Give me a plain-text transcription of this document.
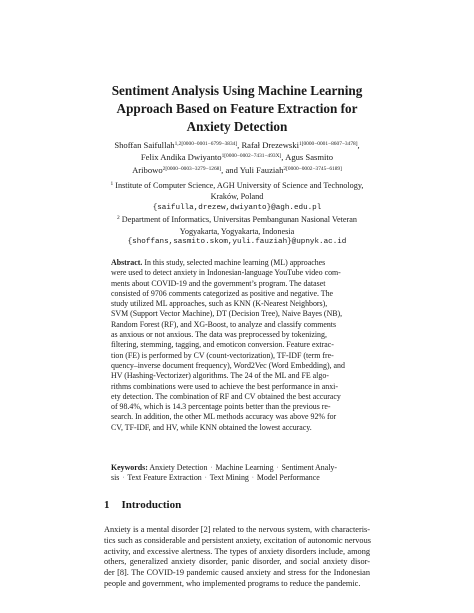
Sentiment Analysis Using Machine Learning
Approach Based on Feature Extraction for
Anxiety Detection
Shoffan Saifullah$^{1,2[0000-0001-6799-3834]}$, Rafał Drezewski$^{1[0000-0001-8607-3478]}$,
Felix Andika Dwiyanto$^{1[0000-0002-7431-493X]}$, Agus Sasmito
Aribowo$^{2[0000-0003-3279-1268]}$, and Yuli Fauziah$^{2[0000-0002-3745-6189]}$
$^1$ Institute of Computer Science, AGH University of Science and Technology,
Kraków, Poland
{saifulla,drezew,dwiyanto}@agh.edu.pl
$^2$ Department of Informatics, Universitas Pembangunan Nasional Veteran
Yogyakarta, Yogyakarta, Indonesia
{shoffans,sasmito.skom,yuli.fauziah}@upnyk.ac.id
Abstract. In this study, selected machine learning (ML) approaches
were used to detect anxiety in Indonesian-language YouTube video com-
ments about COVID-19 and the government’s program. The dataset
consisted of 9706 comments categorized as positive and negative. The
study utilized ML approaches, such as KNN (K-Nearest Neighbors),
SVM (Support Vector Machine), DT (Decision Tree), Naive Bayes (NB),
Random Forest (RF), and XG-Boost, to analyze and classify comments
as anxious or not anxious. The data was preprocessed by tokenizing,
filtering, stemming, tagging, and emoticon conversion. Feature extrac-
tion (FE) is performed by CV (count-vectorization), TF-IDF (term fre-
quency–inverse document frequency), Word2Vec (Word Embedding), and
HV (Hashing-Vectorizer) algorithms. The 24 of the ML and FE algo-
rithms combinations were used to achieve the best performance in anxi-
ety detection. The combination of RF and CV obtained the best accuracy
of 98.4%, which is 14.3 percentage points better than the previous re-
search. In addition, the other ML methods accuracy was above 92% for
CV, TF-IDF, and HV, while KNN obtained the lowest accuracy.
Keywords: Anxiety Detection · Machine Learning · Sentiment Analy-
sis · Text Feature Extraction · Text Mining · Model Performance
1 Introduction
Anxiety is a mental disorder [2] related to the nervous system, with characteris-
tics such as considerable and persistent anxiety, excitation of autonomic nervous
activity, and excessive alertness. The types of anxiety disorders include, among
others, generalized anxiety disorder, panic disorder, and social anxiety disor-
der [8]. The COVID-19 pandemic caused anxiety and stress for the Indonesian
people and government, who implemented programs to reduce the pandemic.
